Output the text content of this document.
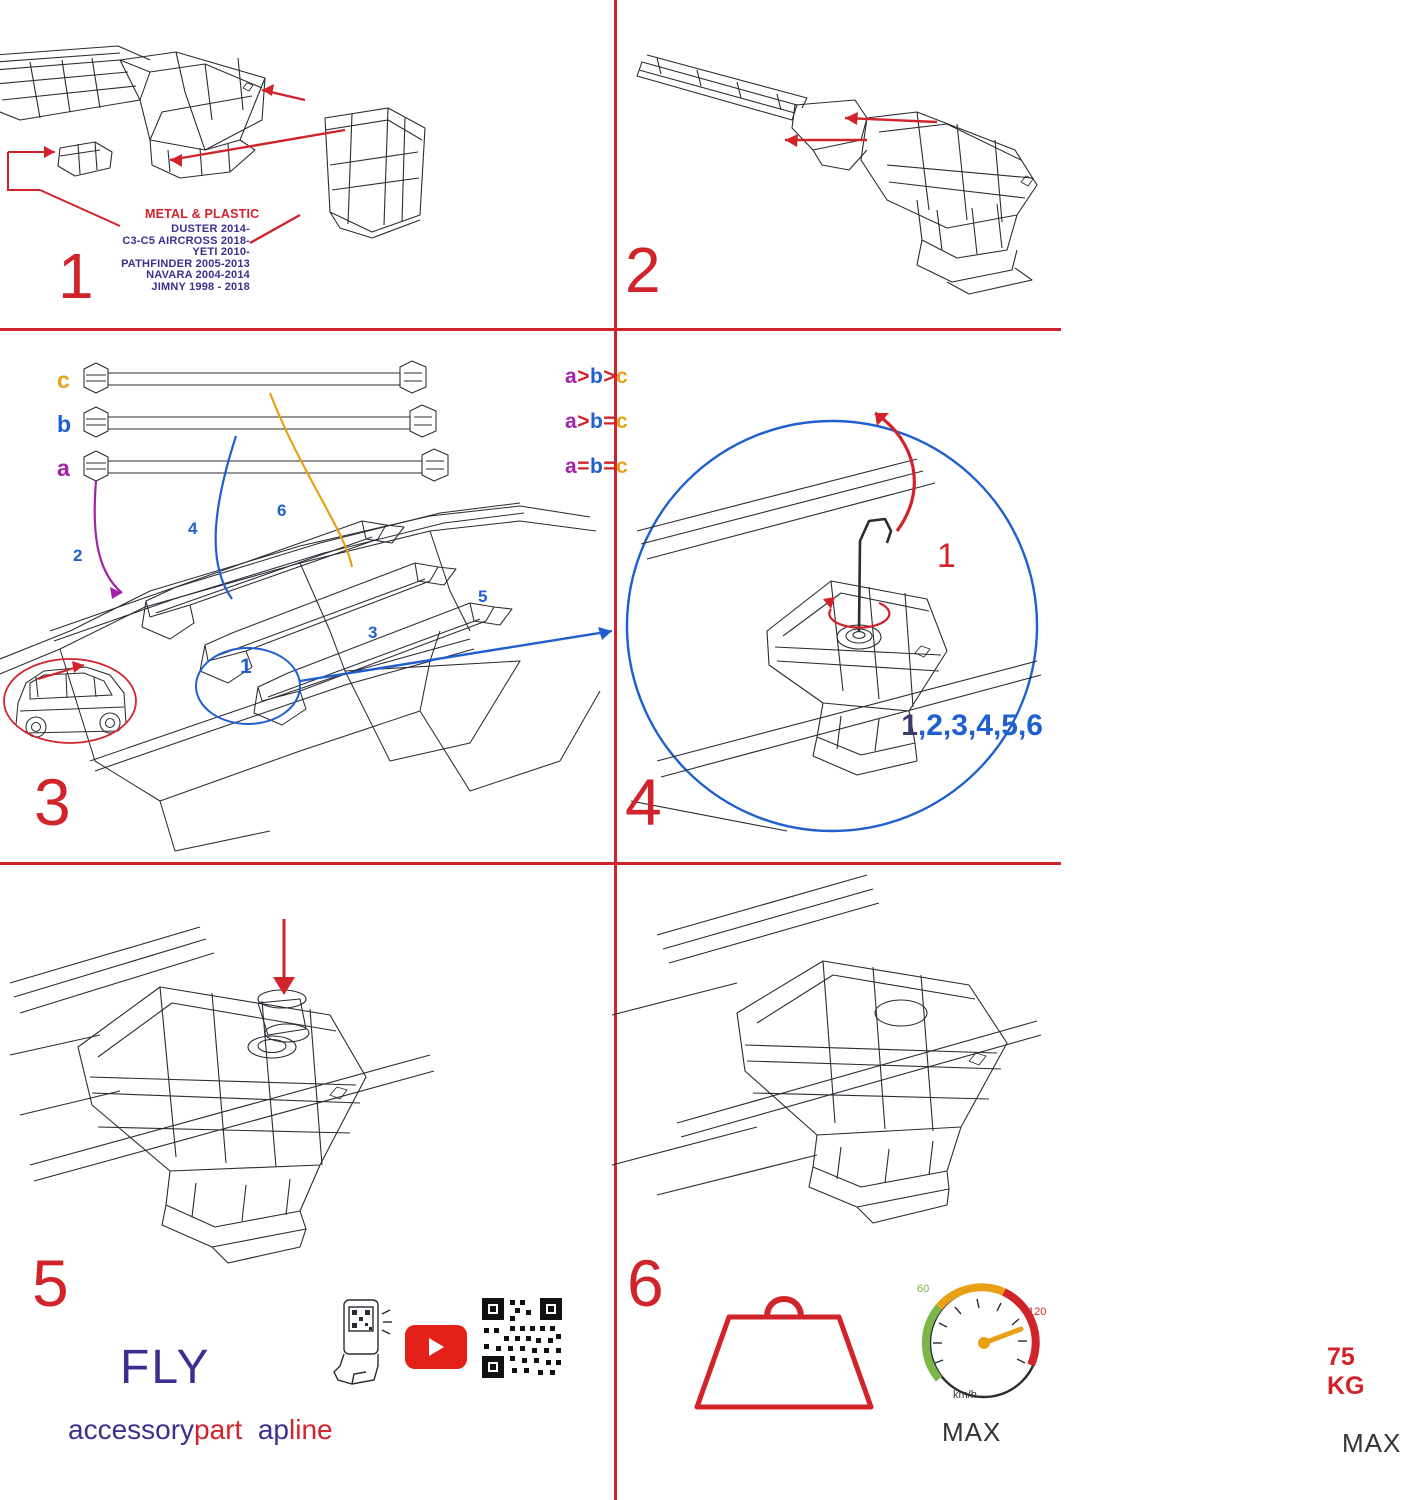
METAL & PLASTIC
DUSTER 2014-
C3-C5 AIRCROSS 2018-
YETI 2010-
PATHFINDER 2005-2013
NAVARA 2004-2014
JIMNY 1998 - 2018
1	2
c
b
a
a>b>c
a>b=c
a=b=c
1
2
3
4
5
6
3
1,2,3,4,5,6
1
4
5
FLY
accessorypart apline
75 KG
MAX
60
120
km/h
MAX
6
